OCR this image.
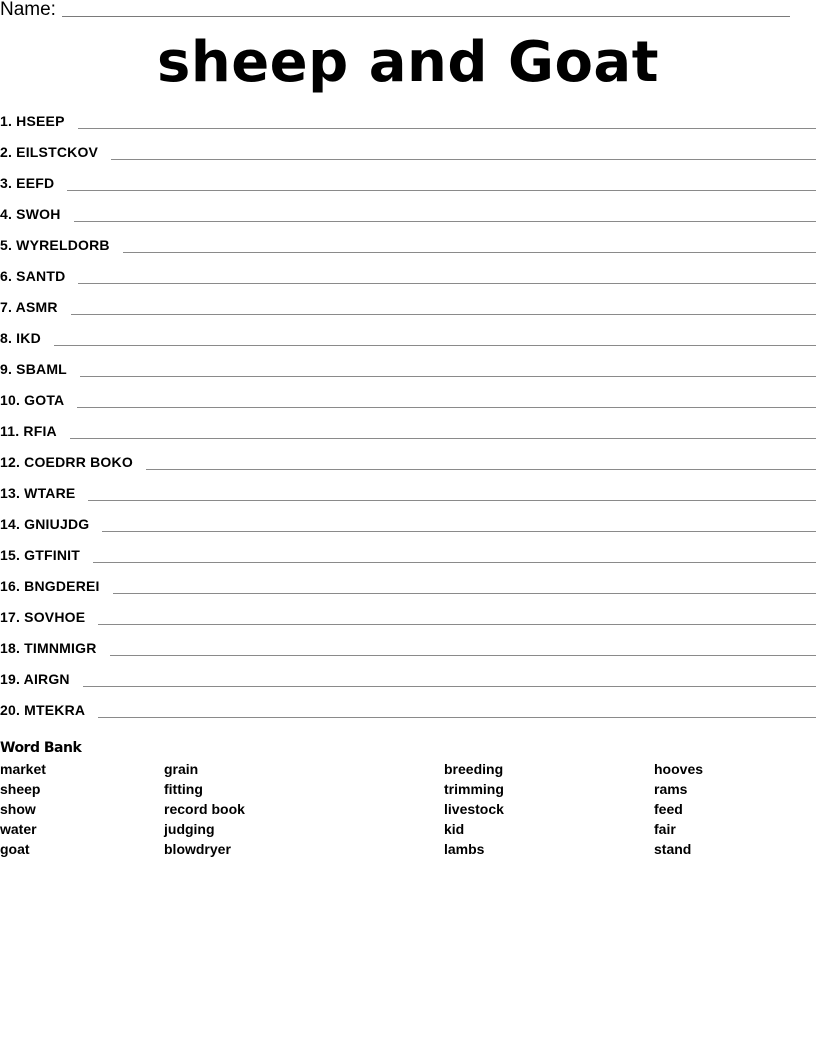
Name:
sheep and Goat
1. HSEEP
2. EILSTCKOV
3. EEFD
4. SWOH
5. WYRELDORB
6. SANTD
7. ASMR
8. IKD
9. SBAML
10. GOTA
11. RFIA
12. COEDRR BOKO
13. WTARE
14. GNIUJDG
15. GTFINIT
16. BNGDEREI
17. SOVHOE
18. TIMNMIGR
19. AIRGN
20. MTEKRA
Word Bank
market
sheep
show
water
goat
grain
fitting
record book
judging
blowdryer
breeding
trimming
livestock
kid
lambs
hooves
rams
feed
fair
stand
